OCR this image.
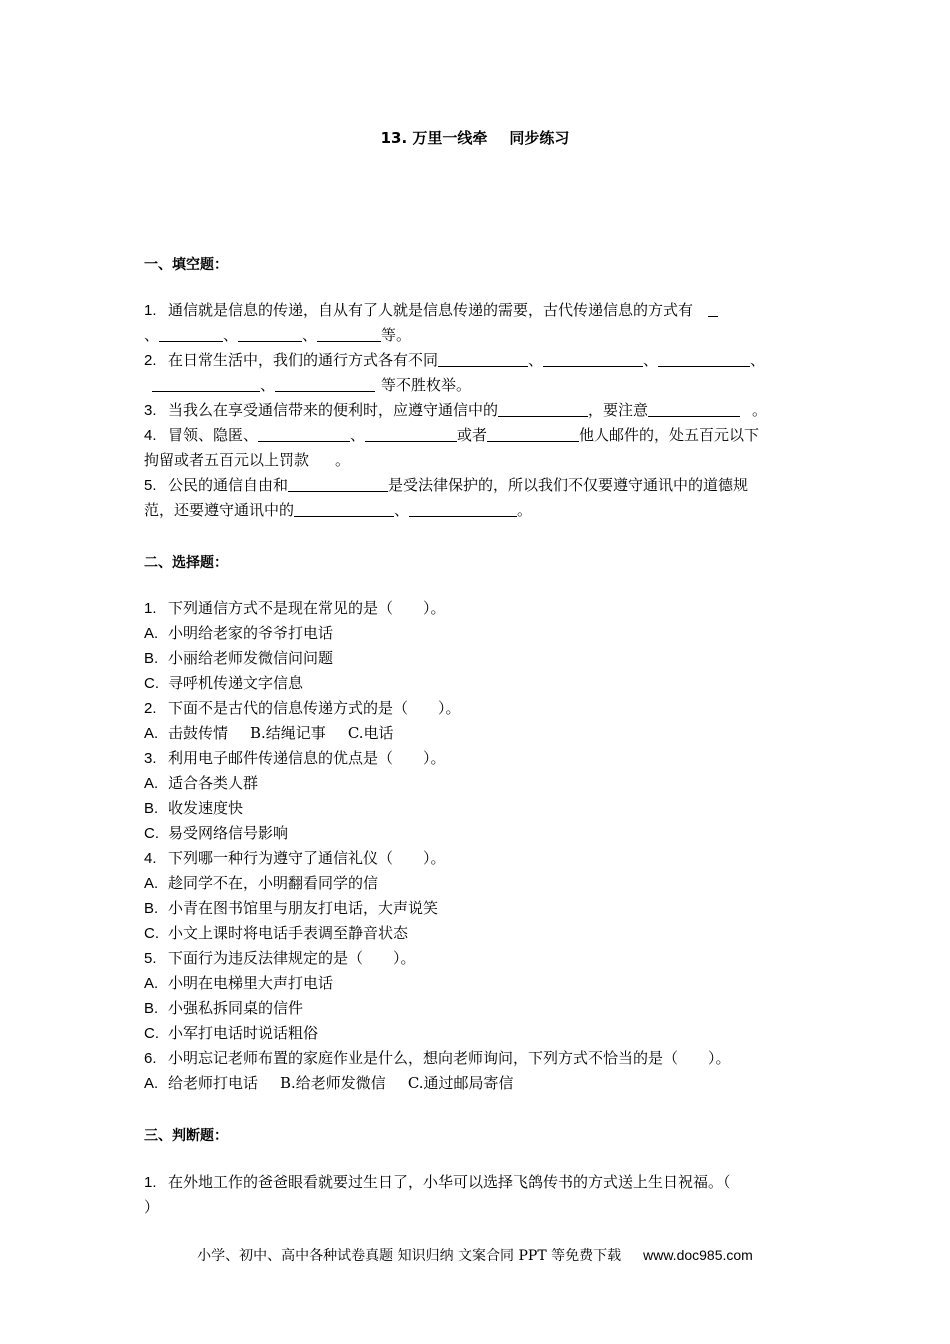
13. 万里一线牵 同步练习
一、填空题：
1. 通信就是信息的传递，自从有了人就是信息传递的需要，古代传递信息的方式有
、	、	、	等。
2. 在日常生活中，我们的通行方式各有不同	、	、	、
、	等不胜枚举。
3. 当我么在享受通信带来的便利时，应遵守通信中的	，要注意	。
4. 冒领、隐匿、	、	或者	他人邮件的，处五百元以下
拘留或者五百元以上罚款 。
5. 公民的通信自由和	是受法律保护的，所以我们不仅要遵守通讯中的道德规
范，还要遵守通讯中的	、	。
二、选择题：
1. 下列通信方式不是现在常见的是（　　）。
A. 小明给老家的爷爷打电话
B. 小丽给老师发微信问问题
C. 寻呼机传递文字信息
2. 下面不是古代的信息传递方式的是（　　）。
A. 击鼓传情 B.结绳记事 C.电话
3. 利用电子邮件传递信息的优点是（　　）。
A. 适合各类人群
B. 收发速度快
C. 易受网络信号影响
4. 下列哪一种行为遵守了通信礼仪（　　）。
A. 趁同学不在，小明翻看同学的信
B. 小青在图书馆里与朋友打电话，大声说笑
C. 小文上课时将电话手表调至静音状态
5. 下面行为违反法律规定的是（　　）。
A. 小明在电梯里大声打电话
B. 小强私拆同桌的信件
C. 小军打电话时说话粗俗
6. 小明忘记老师布置的家庭作业是什么，想向老师询问，下列方式不恰当的是（　　）。
A. 给老师打电话 B.给老师发微信 C.通过邮局寄信
三、判断题：
1. 在外地工作的爸爸眼看就要过生日了，小华可以选择飞鸽传书的方式送上生日祝福。（
）
小学、初中、高中各种试卷真题 知识归纳 文案合同 PPT 等免费下载 www.doc985.com
